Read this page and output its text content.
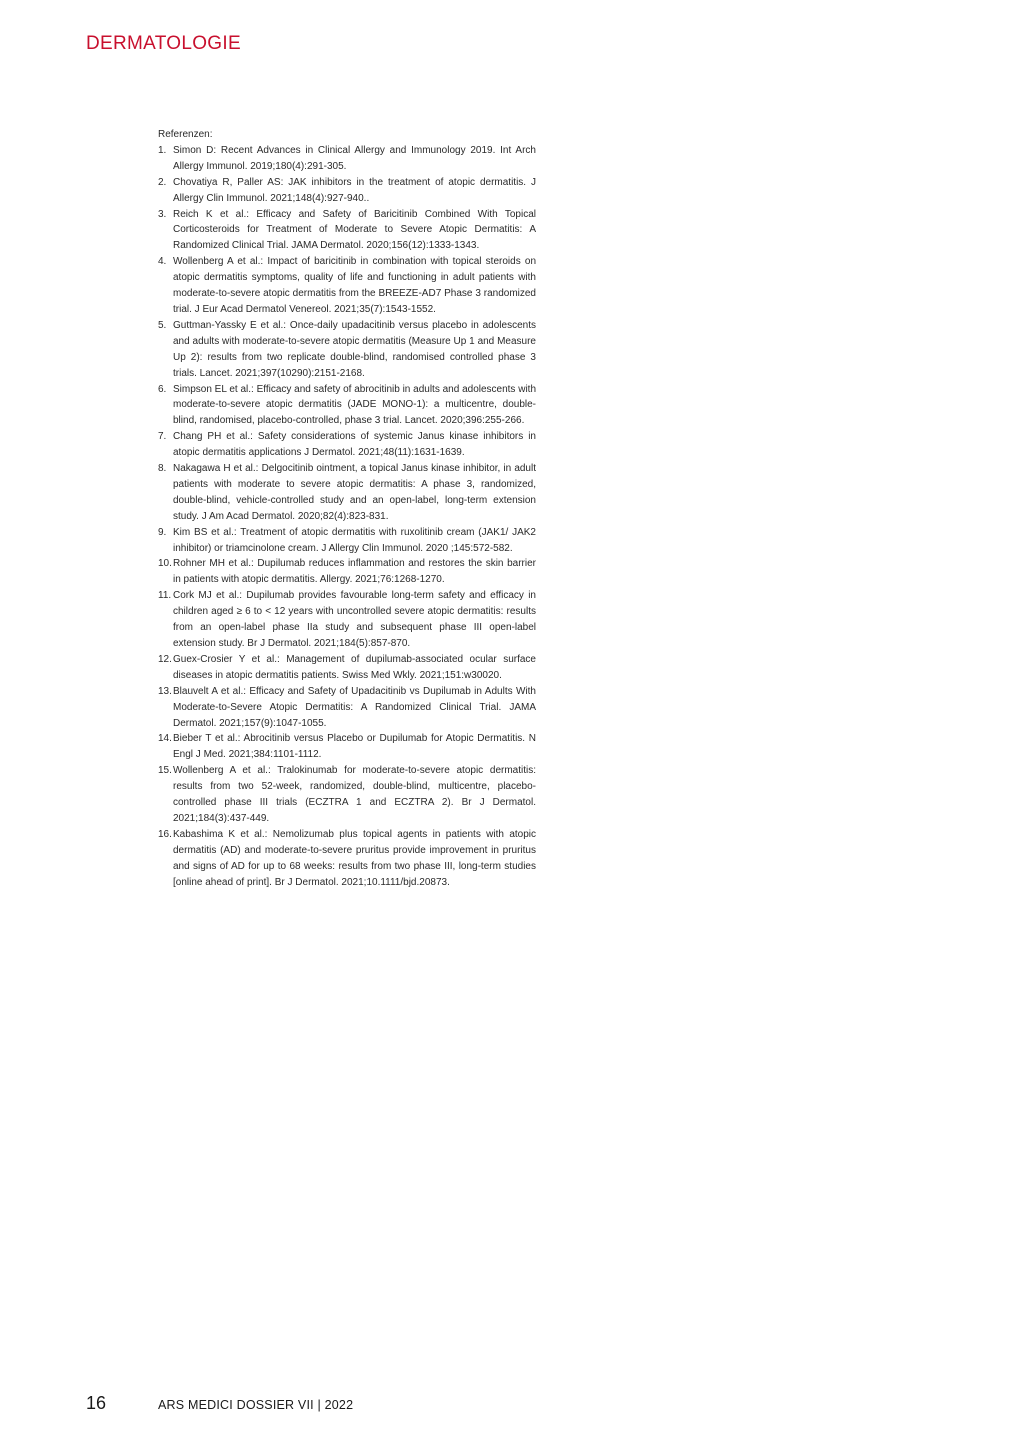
DERMATOLOGIE

Referenzen:

1. Simon D: Recent Advances in Clinical Allergy and Immunology 2019. Int Arch Allergy Immunol. 2019;180(4):291-305.
2. Chovatiya R, Paller AS: JAK inhibitors in the treatment of atopic dermatitis. J Allergy Clin Immunol. 2021;148(4):927-940..
3. Reich K et al.: Efficacy and Safety of Baricitinib Combined With Topical Corticosteroids for Treatment of Moderate to Severe Atopic Dermatitis: A Randomized Clinical Trial. JAMA Dermatol. 2020;156(12):1333-1343.
4. Wollenberg A et al.: Impact of baricitinib in combination with topical steroids on atopic dermatitis symptoms, quality of life and functioning in adult patients with moderate-to-severe atopic dermatitis from the BREEZE-AD7 Phase 3 randomized trial. J Eur Acad Dermatol Venereol. 2021;35(7):1543-1552.
5. Guttman-Yassky E et al.: Once-daily upadacitinib versus placebo in adolescents and adults with moderate-to-severe atopic dermatitis (Measure Up 1 and Measure Up 2): results from two replicate double-blind, randomised controlled phase 3 trials. Lancet. 2021;397(10290):2151-2168.
6. Simpson EL et al.: Efficacy and safety of abrocitinib in adults and adolescents with moderate-to-severe atopic dermatitis (JADE MONO-1): a multicentre, double-blind, randomised, placebo-controlled, phase 3 trial. Lancet. 2020;396:255-266.
7. Chang PH et al.: Safety considerations of systemic Janus kinase inhibitors in atopic dermatitis applications J Dermatol. 2021;48(11):1631-1639.
8. Nakagawa H et al.: Delgocitinib ointment, a topical Janus kinase inhibitor, in adult patients with moderate to severe atopic dermatitis: A phase 3, randomized, double-blind, vehicle-controlled study and an open-label, long-term extension study. J Am Acad Dermatol. 2020;82(4):823-831.
9. Kim BS et al.: Treatment of atopic dermatitis with ruxolitinib cream (JAK1/ JAK2 inhibitor) or triamcinolone cream. J Allergy Clin Immunol. 2020 ;145:572-582.
10. Rohner MH et al.: Dupilumab reduces inflammation and restores the skin barrier in patients with atopic dermatitis. Allergy. 2021;76:1268-1270.
11. Cork MJ et al.: Dupilumab provides favourable long-term safety and efficacy in children aged ≥ 6 to < 12 years with uncontrolled severe atopic dermatitis: results from an open-label phase IIa study and subsequent phase III open-label extension study. Br J Dermatol. 2021;184(5):857-870.
12. Guex-Crosier Y et al.: Management of dupilumab-associated ocular surface diseases in atopic dermatitis patients. Swiss Med Wkly. 2021;151:w30020.
13. Blauvelt A et al.: Efficacy and Safety of Upadacitinib vs Dupilumab in Adults With Moderate-to-Severe Atopic Dermatitis: A Randomized Clinical Trial. JAMA Dermatol. 2021;157(9):1047-1055.
14. Bieber T et al.: Abrocitinib versus Placebo or Dupilumab for Atopic Dermatitis. N Engl J Med. 2021;384:1101-1112.
15. Wollenberg A et al.: Tralokinumab for moderate-to-severe atopic dermatitis: results from two 52-week, randomized, double-blind, multicentre, placebo-controlled phase III trials (ECZTRA 1 and ECZTRA 2). Br J Dermatol. 2021;184(3):437-449.
16. Kabashima K et al.: Nemolizumab plus topical agents in patients with atopic dermatitis (AD) and moderate-to-severe pruritus provide improvement in pruritus and signs of AD for up to 68 weeks: results from two phase III, long-term studies [online ahead of print]. Br J Dermatol. 2021;10.1111/bjd.20873.
16	ARS MEDICI DOSSIER VII | 2022
